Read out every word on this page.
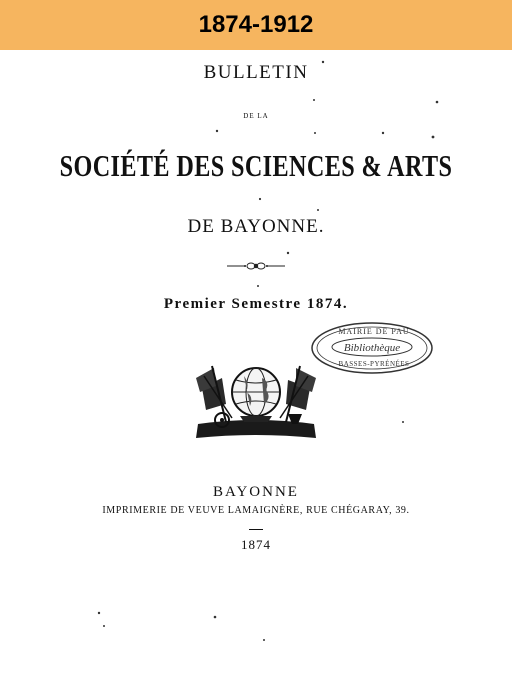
1874-1912
BULLETIN
DE LA
SOCIÉTÉ DES SCIENCES & ARTS
DE BAYONNE.
Premier Semestre 1874.
MAIRIE DE PAU
Bibliothèque
BASSES-PYRÉNÉES
BAYONNE
IMPRIMERIE DE VEUVE LAMAIGNÈRE, RUE CHÉGARAY, 39.
1874
